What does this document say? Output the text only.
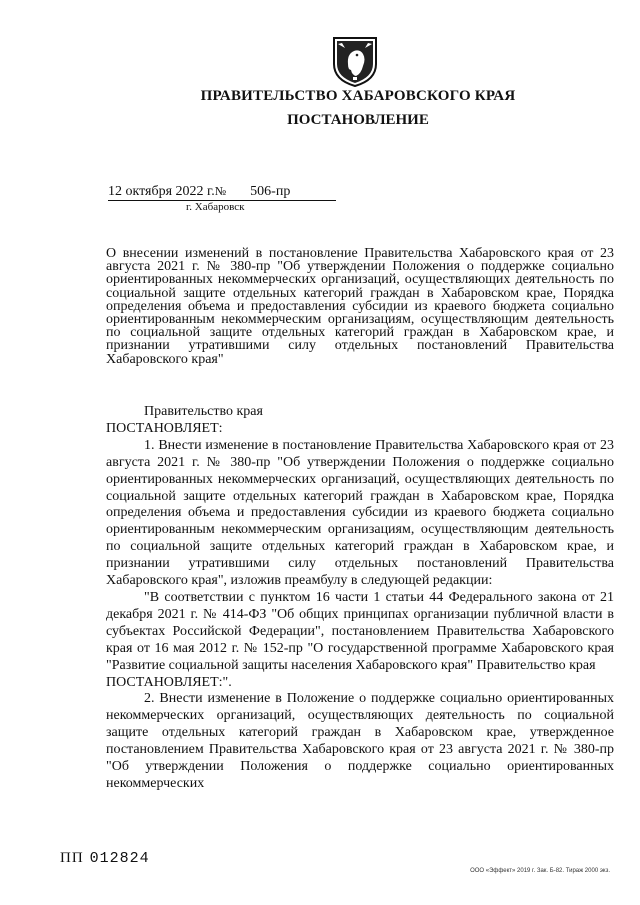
ПРАВИТЕЛЬСТВО ХАБАРОВСКОГО КРАЯ
ПОСТАНОВЛЕНИЕ
12 октября 2022 г.№ 506-пр
г. Хабаровск
О внесении изменений в постановление Правительства Хабаровского края от 23 августа 2021 г. № 380-пр "Об утверждении Положения о поддержке социально ориентированных некоммерческих организаций, осуществляющих деятельность по социальной защите отдельных категорий граждан в Хабаровском крае, Порядка определения объема и предоставления субсидии из краевого бюджета социально ориентированным некоммерческим организациям, осуществляющим деятельность по социальной защите отдельных категорий граждан в Хабаровском крае, и признании утратившими силу отдельных постановлений Правительства Хабаровского края"

Правительство края

ПОСТАНОВЛЯЕТ:

1. Внести изменение в постановление Правительства Хабаровского края от 23 августа 2021 г. № 380-пр "Об утверждении Положения о поддержке социально ориентированных некоммерческих организаций, осуществляющих деятельность по социальной защите отдельных категорий граждан в Хабаровском крае, Порядка определения объема и предоставления субсидии из краевого бюджета социально ориентированным некоммерческим организациям, осуществляющим деятельность по социальной защите отдельных категорий граждан в Хабаровском крае, и признании утратившими силу отдельных постановлений Правительства Хабаровского края", изложив преамбулу в следующей редакции:

"В соответствии с пунктом 16 части 1 статьи 44 Федерального закона от 21 декабря 2021 г. № 414-ФЗ "Об общих принципах организации публичной власти в субъектах Российской Федерации", постановлением Правительства Хабаровского края от 16 мая 2012 г. № 152-пр "О государственной программе Хабаровского края "Развитие социальной защиты населения Хабаровского края" Правительство края

ПОСТАНОВЛЯЕТ:".

2. Внести изменение в Положение о поддержке социально ориентированных некоммерческих организаций, осуществляющих деятельность по социальной защите отдельных категорий граждан в Хабаровском крае, утвержденное постановлением Правительства Хабаровского края от 23 августа 2021 г. № 380-пр "Об утверждении Положения о поддержке социально ориентированных некоммерческих

ПП 012824
ООО «Эффект» 2019 г. Зак. Б-82. Тираж 2000 экз.
